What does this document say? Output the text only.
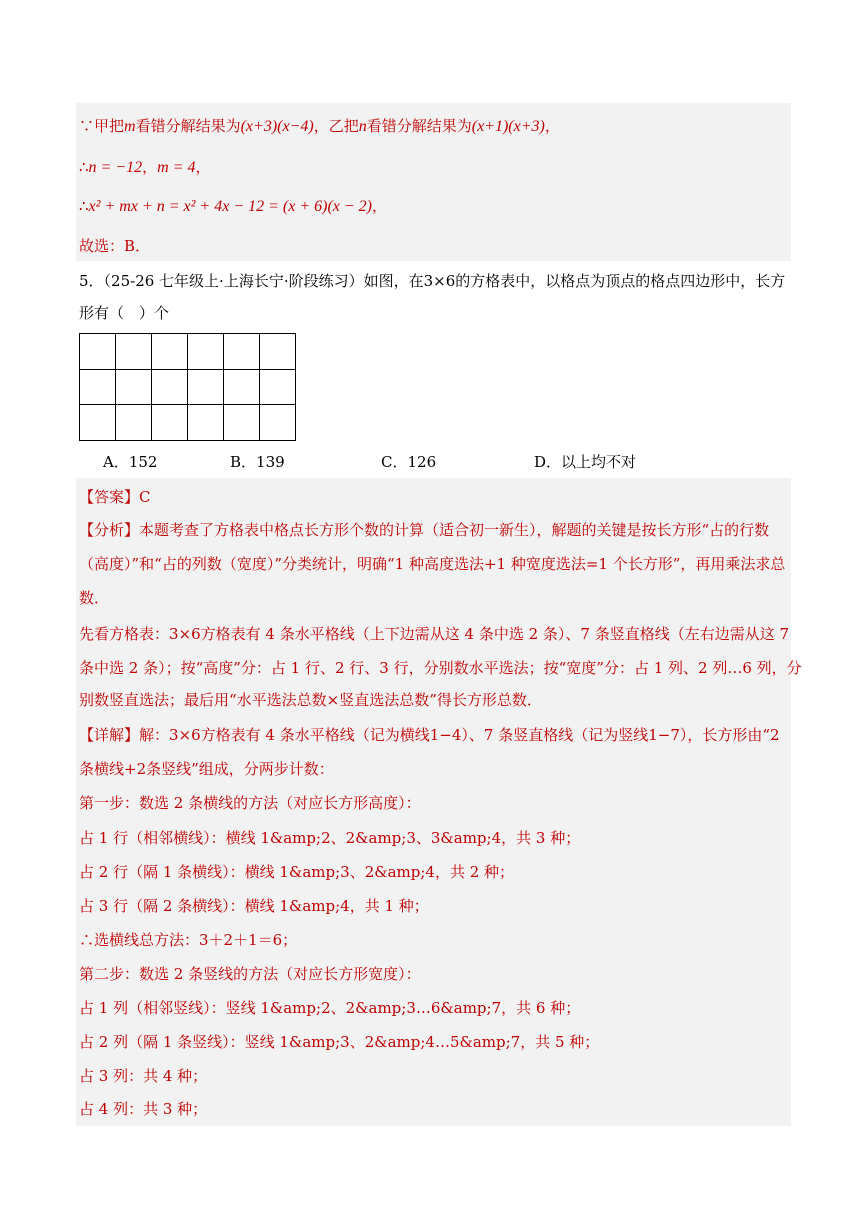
∵甲把m看错分解结果为(x+3)(x−4)，乙把n看错分解结果为(x+1)(x+3)，
∴n = −12，m = 4，
∴x² + mx + n = x² + 4x − 12 = (x + 6)(x − 2)，
故选：B．
5．（25-26 七年级上·上海长宁·阶段练习）如图，在3×6的方格表中，以格点为顶点的格点四边形中，长方
形有（　）个
A．152	B．139	C．126	D．以上均不对
【答案】C
【分析】本题考查了方格表中格点长方形个数的计算（适合初一新生），解题的关键是按长方形“占的行数
（高度）”和“占的列数（宽度）”分类统计，明确“1 种高度选法+1 种宽度选法=1 个长方形”，再用乘法求总
数．
先看方格表：3×6方格表有 4 条水平格线（上下边需从这 4 条中选 2 条）、7 条竖直格线（左右边需从这 7
条中选 2 条）；按“高度”分：占 1 行、2 行、3 行，分别数水平选法；按“宽度”分：占 1 列、2 列…6 列，分
别数竖直选法；最后用“水平选法总数×竖直选法总数”得长方形总数．
【详解】解：3×6方格表有 4 条水平格线（记为横线1−4）、7 条竖直格线（记为竖线1−7），长方形由“2
条横线+2条竖线”组成，分两步计数：
第一步：数选 2 条横线的方法（对应长方形高度）：
占 1 行（相邻横线）：横线 1&amp;2、2&amp;3、3&amp;4，共 3 种；
占 2 行（隔 1 条横线）：横线 1&amp;3、2&amp;4，共 2 种；
占 3 行（隔 2 条横线）：横线 1&amp;4，共 1 种；
∴选横线总方法：3＋2＋1＝6；
第二步：数选 2 条竖线的方法（对应长方形宽度）：
占 1 列（相邻竖线）：竖线 1&amp;2、2&amp;3…6&amp;7，共 6 种；
占 2 列（隔 1 条竖线）：竖线 1&amp;3、2&amp;4…5&amp;7，共 5 种；
占 3 列：共 4 种；
占 4 列：共 3 种；
